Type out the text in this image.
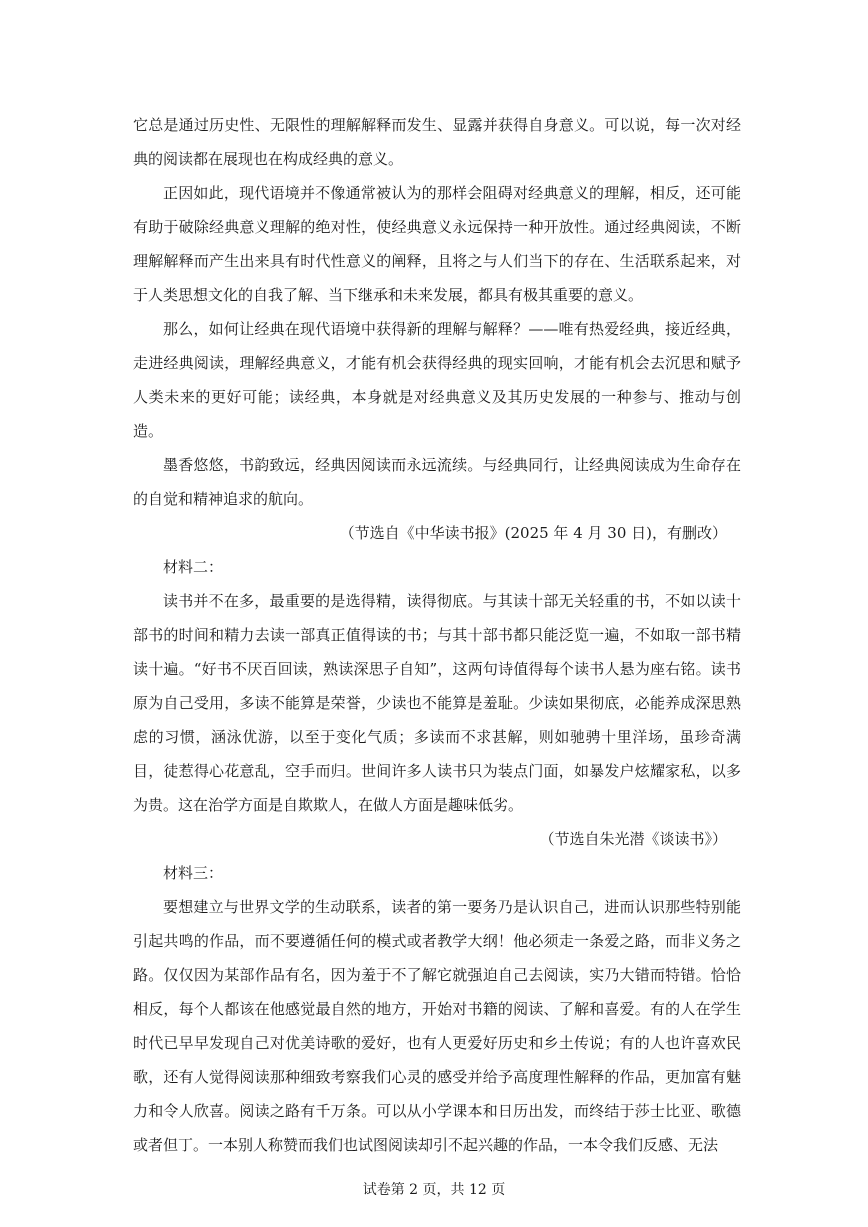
它总是通过历史性、无限性的理解解释而发生、显露并获得自身意义。可以说，每一次对经典的阅读都在展现也在构成经典的意义。

正因如此，现代语境并不像通常被认为的那样会阻碍对经典意义的理解，相反，还可能有助于破除经典意义理解的绝对性，使经典意义永远保持一种开放性。通过经典阅读，不断理解解释而产生出来具有时代性意义的阐释，且将之与人们当下的存在、生活联系起来，对于人类思想文化的自我了解、当下继承和未来发展，都具有极其重要的意义。

那么，如何让经典在现代语境中获得新的理解与解释？——唯有热爱经典，接近经典，走进经典阅读，理解经典意义，才能有机会获得经典的现实回响，才能有机会去沉思和赋予人类未来的更好可能；读经典，本身就是对经典意义及其历史发展的一种参与、推动与创造。

墨香悠悠，书韵致远，经典因阅读而永远流续。与经典同行，让经典阅读成为生命存在的自觉和精神追求的航向。

（节选自《中华读书报》(2025 年 4 月 30 日)，有删改）

材料二：

读书并不在多，最重要的是选得精，读得彻底。与其读十部无关轻重的书，不如以读十部书的时间和精力去读一部真正值得读的书；与其十部书都只能泛览一遍，不如取一部书精读十遍。“好书不厌百回读，熟读深思子自知”，这两句诗值得每个读书人悬为座右铭。读书原为自己受用，多读不能算是荣誉，少读也不能算是羞耻。少读如果彻底，必能养成深思熟虑的习惯，涵泳优游，以至于变化气质；多读而不求甚解，则如驰骋十里洋场，虽珍奇满目，徒惹得心花意乱，空手而归。世间许多人读书只为装点门面，如暴发户炫耀家私，以多为贵。这在治学方面是自欺欺人，在做人方面是趣味低劣。

（节选自朱光潜《谈读书》）

材料三：

要想建立与世界文学的生动联系，读者的第一要务乃是认识自己，进而认识那些特别能引起共鸣的作品，而不要遵循任何的模式或者教学大纲！他必须走一条爱之路，而非义务之路。仅仅因为某部作品有名，因为羞于不了解它就强迫自己去阅读，实乃大错而特错。恰恰相反，每个人都该在他感觉最自然的地方，开始对书籍的阅读、了解和喜爱。有的人在学生时代已早早发现自己对优美诗歌的爱好，也有人更爱好历史和乡土传说；有的人也许喜欢民歌，还有人觉得阅读那种细致考察我们心灵的感受并给予高度理性解释的作品，更加富有魅力和令人欣喜。阅读之路有千万条。可以从小学课本和日历出发，而终结于莎士比亚、歌德或者但丁。一本别人称赞而我们也试图阅读却引不起兴趣的作品，一本令我们反感、无法

试卷第 2 页，共 12 页
